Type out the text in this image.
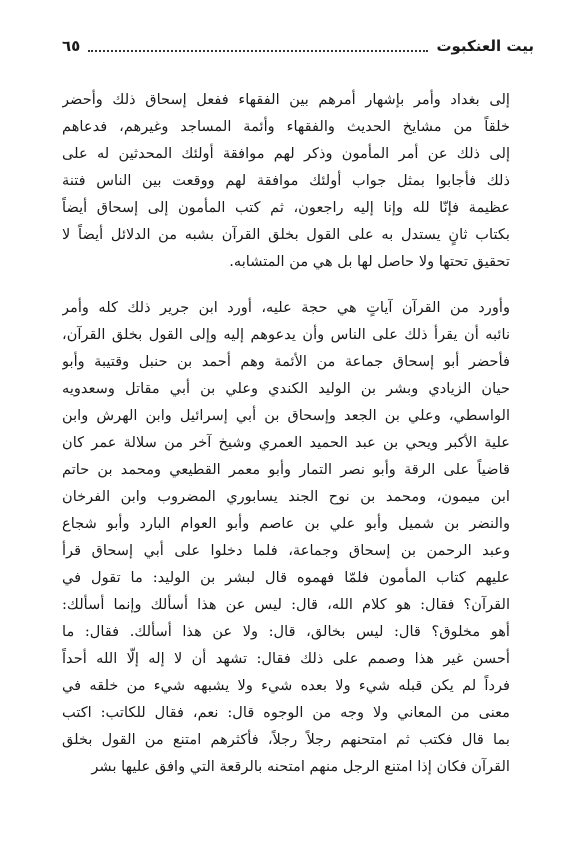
بيت العنكبوت
٦٥
إلى بغداد وأمر بإشهار أمرهم بين الفقهاء ففعل إسحاق ذلك وأحضر
خلقاً من مشايخ الحديث والفقهاء وأئمة المساجد وغيرهم، فدعاهم
إلى ذلك عن أمر المأمون وذكر لهم موافقة أولئك المحدثين له على
ذلك فأجابوا بمثل جواب أولئك موافقة لهم ووقعت بين الناس فتنة
عظيمة فإنّا لله وإنا إليه راجعون، ثم كتب المأمون إلى إسحاق أيضاً
بكتاب ثانٍ يستدل به على القول بخلق القرآن بشبه من الدلائل أيضاً لا
تحقيق تحتها ولا حاصل لها بل هي من المتشابه.
وأورد من القرآن آياتٍ هي حجة عليه، أورد ابن جرير ذلك كله وأمر
نائبه أن يقرأ ذلك على الناس وأن يدعوهم إليه وإلى القول بخلق القرآن،
فأحضر أبو إسحاق جماعة من الأئمة وهم أحمد بن حنبل وقتيبة وأبو
حيان الزيادي وبشر بن الوليد الكندي وعلي بن أبي مقاتل وسعدويه
الواسطي، وعلي بن الجعد وإسحاق بن أبي إسرائيل وابن الهرش وابن
علية الأكبر ويحي بن عبد الحميد العمري وشيخ آخر من سلالة عمر كان
قاضياً على الرقة وأبو نصر التمار وأبو معمر القطيعي ومحمد بن حاتم
ابن ميمون، ومحمد بن نوح الجند يسابوري المضروب وابن الفرخان
والنضر بن شميل وأبو علي بن عاصم وأبو العوام البارد وأبو شجاع
وعبد الرحمن بن إسحاق وجماعة، فلما دخلوا على أبي إسحاق قرأ
عليهم كتاب المأمون فلمّا فهموه قال لبشر بن الوليد: ما تقول في
القرآن؟ فقال: هو كلام الله، قال: ليس عن هذا أسألك وإنما أسألك:
أهو مخلوق؟ قال: ليس بخالق، قال: ولا عن هذا أسألك. فقال: ما
أحسن غير هذا وصمم على ذلك فقال: تشهد أن لا إله إلّا الله أحداً
فرداً لم يكن قبله شيء ولا بعده شيء ولا يشبهه شيء من خلقه في
معنى من المعاني ولا وجه من الوجوه قال: نعم، فقال للكاتب: اكتب
بما قال فكتب ثم امتحنهم رجلاً رجلاً، فأكثرهم امتنع من القول بخلق
القرآن فكان إذا امتنع الرجل منهم امتحنه بالرقعة التي وافق عليها بشر
